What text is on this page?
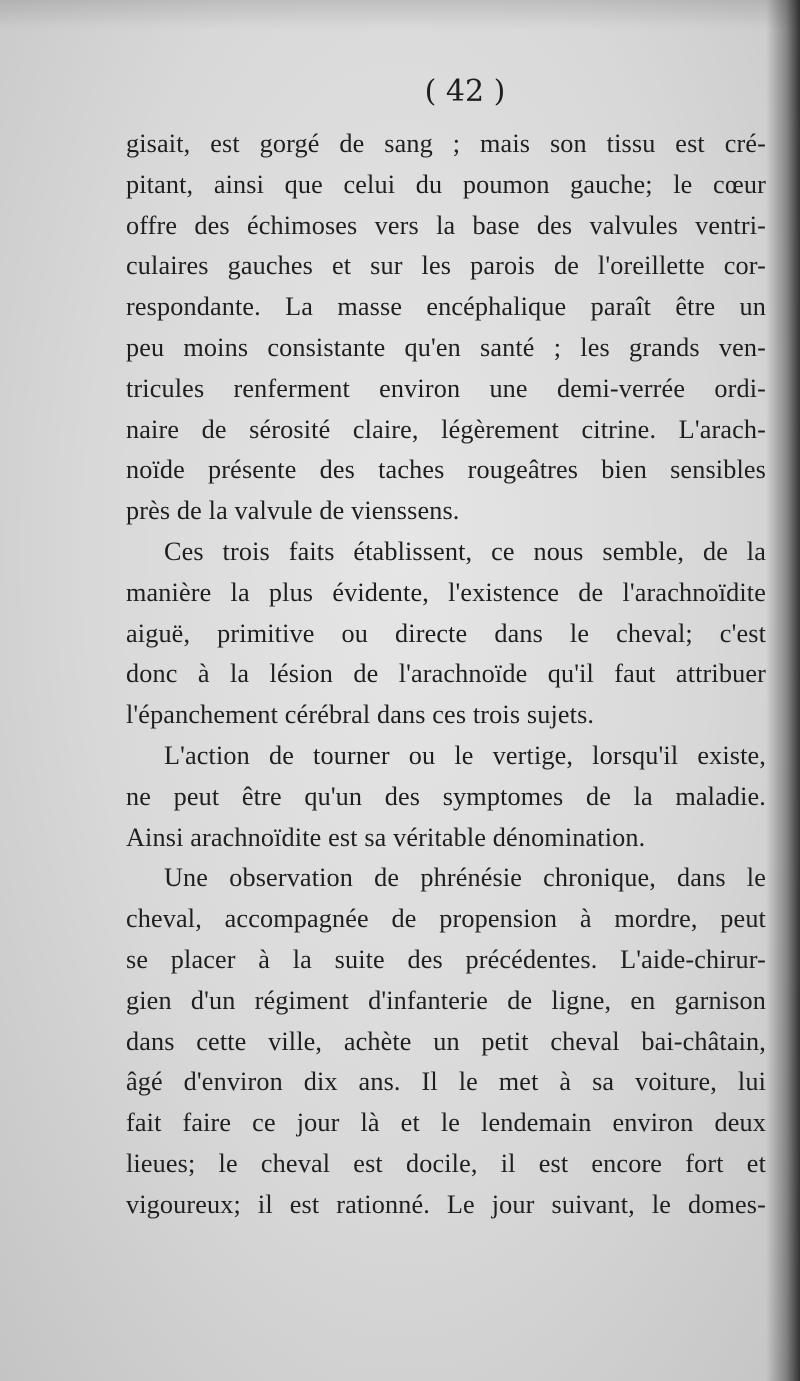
( 42 )
gisait, est gorgé de sang ; mais son tissu est cré-
pitant, ainsi que celui du poumon gauche; le cœur
offre des échimoses vers la base des valvules ventri-
culaires gauches et sur les parois de l'oreillette cor-
respondante. La masse encéphalique paraît être un
peu moins consistante qu'en santé ; les grands ven-
tricules renferment environ une demi-verrée ordi-
naire de sérosité claire, légèrement citrine. L'arach-
noïde présente des taches rougeâtres bien sensibles
près de la valvule de vienssens.
Ces trois faits établissent, ce nous semble, de la
manière la plus évidente, l'existence de l'arachnoïdite
aiguë, primitive ou directe dans le cheval; c'est
donc à la lésion de l'arachnoïde qu'il faut attribuer
l'épanchement cérébral dans ces trois sujets.
L'action de tourner ou le vertige, lorsqu'il existe,
ne peut être qu'un des symptomes de la maladie.
Ainsi arachnoïdite est sa véritable dénomination.
Une observation de phrénésie chronique, dans le
cheval, accompagnée de propension à mordre, peut
se placer à la suite des précédentes. L'aide-chirur-
gien d'un régiment d'infanterie de ligne, en garnison
dans cette ville, achète un petit cheval bai-châtain,
âgé d'environ dix ans. Il le met à sa voiture, lui
fait faire ce jour là et le lendemain environ deux
lieues; le cheval est docile, il est encore fort et
vigoureux; il est rationné. Le jour suivant, le domes-
